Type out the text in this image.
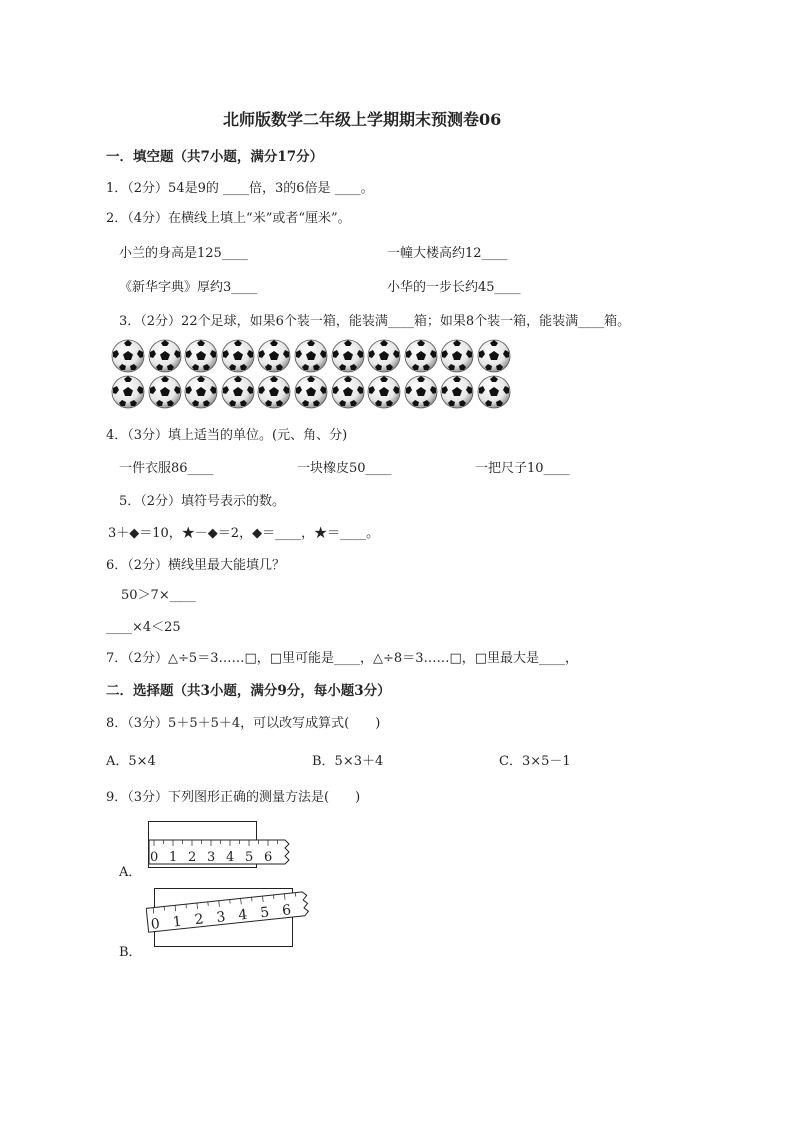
北师版数学二年级上学期期末预测卷06
一．填空题（共7小题，满分17分）
1．（2分）54是9的 ____倍，3的6倍是 ____。
2．（4分）在横线上填上“米”或者“厘米”。
小兰的身高是125____	一幢大楼高约12____
《新华字典》厚约3____	小华的一步长约45____
3．（2分）22个足球，如果6个装一箱，能装满____箱；如果8个装一箱，能装满____箱。
4．（3分）填上适当的单位。(元、角、分)
一件衣服86____	一块橡皮50____	一把尺子10____
5．（2分）填符号表示的数。
3＋◆＝10，★－◆＝2，◆＝____，★＝____。
6．（2分）横线里最大能填几？
50＞7×____
____×4＜25
7．（2分）△÷5＝3……□，□里可能是____，△÷8＝3……□，□里最大是____，
二．选择题（共3小题，满分9分，每小题3分）
8．（3分）5＋5＋5＋4，可以改写成算式(　　)
A．5×4	B．5×3＋4	C．3×5－1
9．（3分）下列图形正确的测量方法是(　　)
0 1 2 3 4 5 6
A．
0 1 2 3 4 5 6
B．
